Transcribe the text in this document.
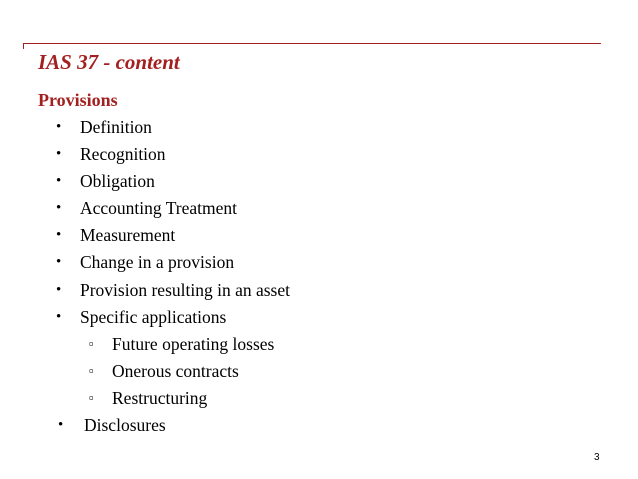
IAS 37 - content
Provisions
• Definition
• Recognition
• Obligation
• Accounting Treatment
• Measurement
• Change in a provision
• Provision resulting in an asset
• Specific applications
▫ Future operating losses
▫ Onerous contracts
▫ Restructuring
• Disclosures
3
